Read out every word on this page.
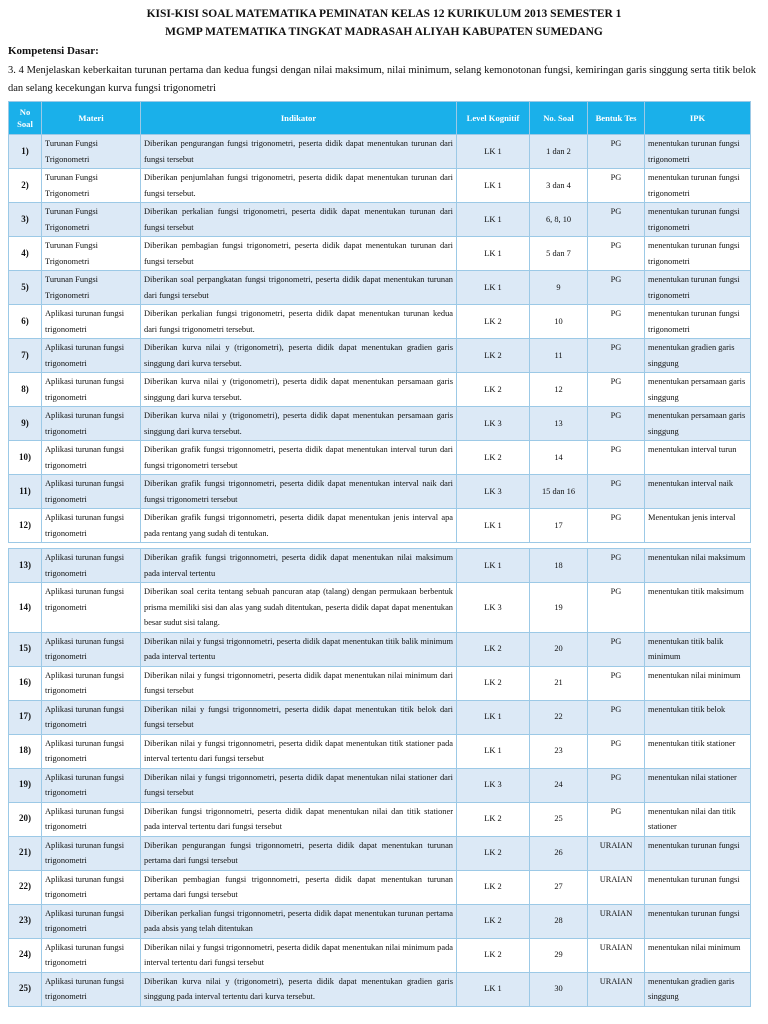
KISI-KISI SOAL MATEMATIKA PEMINATAN KELAS 12 KURIKULUM 2013 SEMESTER 1
MGMP MATEMATIKA TINGKAT MADRASAH ALIYAH KABUPATEN SUMEDANG
Kompetensi Dasar:
3. 4 Menjelaskan keberkaitan turunan pertama dan kedua fungsi dengan nilai maksimum, nilai minimum, selang kemonotonan fungsi, kemiringan garis singgung serta titik belok dan selang kecekungan kurva fungsi trigonometri
No Soal	Materi	Indikator	Level Kognitif	No. Soal	Bentuk Tes	IPK
1)	Turunan Fungsi Trigonometri	Diberikan pengurangan fungsi trigonometri, peserta didik dapat menentukan turunan dari fungsi tersebut	LK 1	1 dan 2	PG	menentukan turunan fungsi trigonometri
2)	Turunan Fungsi Trigonometri	Diberikan penjumlahan fungsi trigonometri, peserta didik dapat menentukan turunan dari fungsi tersebut.	LK 1	3 dan 4	PG	menentukan turunan fungsi trigonometri
3)	Turunan Fungsi Trigonometri	Diberikan perkalian fungsi trigonometri, peserta didik dapat menentukan turunan dari fungsi tersebut	LK 1	6, 8, 10	PG	menentukan turunan fungsi trigonometri
4)	Turunan Fungsi Trigonometri	Diberikan pembagian fungsi trigonometri, peserta didik dapat menentukan turunan dari fungsi tersebut	LK 1	5 dan 7	PG	menentukan turunan fungsi trigonometri
5)	Turunan Fungsi Trigonometri	Diberikan soal perpangkatan fungsi trigonometri, peserta didik dapat menentukan turunan dari fungsi tersebut	LK 1	9	PG	menentukan turunan fungsi trigonometri
6)	Aplikasi turunan fungsi trigonometri	Diberikan perkalian fungsi trigonometri, peserta didik dapat menentukan turunan kedua dari fungsi trigonometri tersebut.	LK 2	10	PG	menentukan turunan fungsi trigonometri
7)	Aplikasi turunan fungsi trigonometri	Diberikan kurva nilai y (trigonometri), peserta didik dapat menentukan gradien garis singgung dari kurva tersebut.	LK 2	11	PG	menentukan gradien garis singgung
8)	Aplikasi turunan fungsi trigonometri	Diberikan kurva nilai y (trigonometri), peserta didik dapat menentukan persamaan garis singgung dari kurva tersebut.	LK 2	12	PG	menentukan persamaan garis singgung
9)	Aplikasi turunan fungsi trigonometri	Diberikan kurva nilai y (trigonometri), peserta didik dapat menentukan persamaan garis singgung dari kurva tersebut.	LK 3	13	PG	menentukan persamaan garis singgung
10)	Aplikasi turunan fungsi trigonometri	Diberikan grafik fungsi trigonnometri, peserta didik dapat menentukan interval turun dari fungsi trigonometri tersebut	LK 2	14	PG	menentukan interval turun
11)	Aplikasi turunan fungsi trigonometri	Diberikan grafik fungsi trigonnometri, peserta didik dapat menentukan interval naik dari fungsi trigonometri tersebut	LK 3	15 dan 16	PG	menentukan interval naik
12)	Aplikasi turunan fungsi trigonometri	Diberikan grafik fungsi trigonnometri, peserta didik dapat menentukan jenis interval apa pada rentang yang sudah di tentukan.	LK 1	17	PG	Menentukan jenis interval
13)	Aplikasi turunan fungsi trigonometri	Diberikan grafik fungsi trigonnometri, peserta didik dapat menentukan nilai maksimum pada interval tertentu	LK 1	18	PG	menentukan nilai maksimum
14)	Aplikasi turunan fungsi trigonometri	Diberikan soal cerita tentang sebuah pancuran atap (talang) dengan permukaan berbentuk prisma memiliki sisi dan alas yang sudah ditentukan, peserta didik dapat dapat menentukan besar sudut sisi talang.	LK 3	19	PG	menentukan titik maksimum
15)	Aplikasi turunan fungsi trigonometri	Diberikan nilai y fungsi trigonnometri, peserta didik dapat menentukan titik balik minimum pada interval tertentu	LK 2	20	PG	menentukan titik balik minimum
16)	Aplikasi turunan fungsi trigonometri	Diberikan nilai y fungsi trigonnometri, peserta didik dapat menentukan nilai minimum dari fungsi tersebut	LK 2	21	PG	menentukan nilai minimum
17)	Aplikasi turunan fungsi trigonometri	Diberikan nilai y fungsi trigonnometri, peserta didik dapat menentukan titik belok dari fungsi tersebut	LK 1	22	PG	menentukan titik belok
18)	Aplikasi turunan fungsi trigonometri	Diberikan nilai y fungsi trigonnometri, peserta didik dapat menentukan titik stationer pada interval tertentu dari fungsi tersebut	LK 1	23	PG	menentukan titik stationer
19)	Aplikasi turunan fungsi trigonometri	Diberikan nilai y fungsi trigonnometri, peserta didik dapat menentukan nilai stationer dari fungsi tersebut	LK 3	24	PG	menentukan nilai stationer
20)	Aplikasi turunan fungsi trigonometri	Diberikan fungsi trigonnometri, peserta didik dapat menentukan nilai dan titik stationer pada interval tertentu dari fungsi tersebut	LK 2	25	PG	menentukan nilai dan titik stationer
21)	Aplikasi turunan fungsi trigonometri	Diberikan pengurangan fungsi trigonnometri, peserta didik dapat menentukan turunan pertama dari fungsi tersebut	LK 2	26	URAIAN	menentukan turunan fungsi
22)	Aplikasi turunan fungsi trigonometri	Diberikan pembagian fungsi trigonnometri, peserta didik dapat menentukan turunan pertama dari fungsi tersebut	LK 2	27	URAIAN	menentukan turunan fungsi
23)	Aplikasi turunan fungsi trigonometri	Diberikan perkalian fungsi trigonnometri, peserta didik dapat menentukan turunan pertama pada absis yang telah ditentukan	LK 2	28	URAIAN	menentukan turunan fungsi
24)	Aplikasi turunan fungsi trigonometri	Diberikan nilai y fungsi trigonnometri, peserta didik dapat menentukan nilai minimum pada interval tertentu dari fungsi tersebut	LK 2	29	URAIAN	menentukan nilai minimum
25)	Aplikasi turunan fungsi trigonometri	Diberikan kurva nilai y (trigonometri), peserta didik dapat menentukan gradien garis singgung pada interval tertentu dari kurva tersebut.	LK 1	30	URAIAN	menentukan gradien garis singgung
